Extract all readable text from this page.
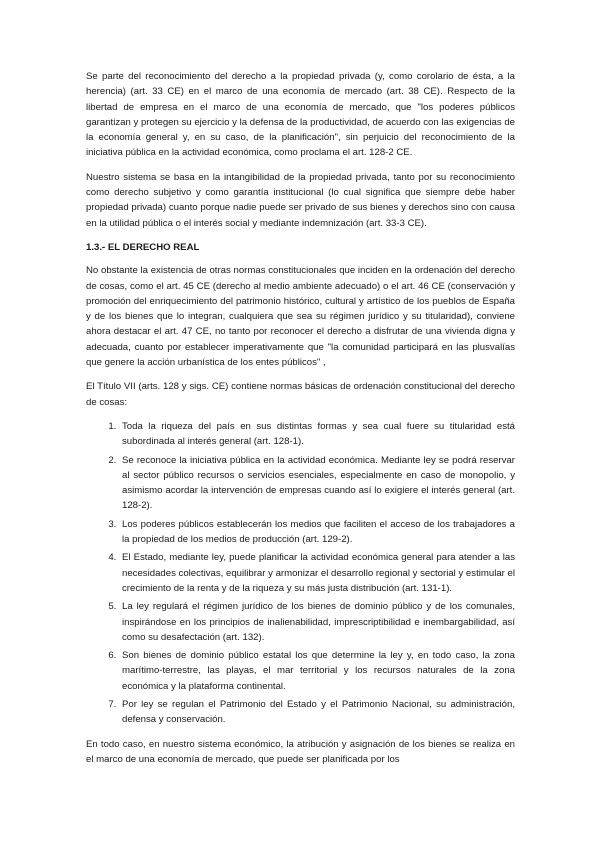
Se parte del reconocimiento del derecho a la propiedad privada (y, como corolario de ésta, a la herencia) (art. 33 CE) en el marco de una economía de mercado (art. 38 CE). Respecto de la libertad de empresa en el marco de una economía de mercado, que "los poderes públicos garantizan y protegen su ejercicio y la defensa de la productividad, de acuerdo con las exigencias de la economía general y, en su caso, de la planificación", sin perjuicio del reconocimiento de la iniciativa pública en la actividad económica, como proclama el art. 128-2 CE.

Nuestro sistema se basa en la intangibilidad de la propiedad privada, tanto por su reconocimiento como derecho subjetivo y como garantía institucional (lo cual significa que siempre debe haber propiedad privada) cuanto porque nadie puede ser privado de sus bienes y derechos sino con causa en la utilidad pública o el interés social y mediante indemnización (art. 33-3 CE).

1.3.- EL DERECHO REAL

No obstante la existencia de otras normas constitucionales que inciden en la ordenación del derecho de cosas, como el art. 45 CE (derecho al medio ambiente adecuado) o el art. 46 CE (conservación y promoción del enriquecimiento del patrimonio histórico, cultural y artístico de los pueblos de España y de los bienes que lo integran, cualquiera que sea su régimen jurídico y su titularidad), conviene ahora destacar el art. 47 CE, no tanto por reconocer el derecho a disfrutar de una vivienda digna y adecuada, cuanto por establecer imperativamente que "la comunidad participará en las plusvalías que genere la acción urbanística de los entes públicos" ,

El Título VII (arts. 128 y sigs. CE) contiene normas básicas de ordenación constitucional del derecho de cosas:

1. Toda la riqueza del país en sus distintas formas y sea cual fuere su titularidad está subordinada al interés general (art. 128-1).
2. Se reconoce la iniciativa pública en la actividad económica. Mediante ley se podrá reservar al sector público recursos o servicios esenciales, especialmente en caso de monopolio, y asimismo acordar la intervención de empresas cuando así lo exigiere el interés general (art. 128-2).
3. Los poderes públicos establecerán los medios que faciliten el acceso de los trabajadores a la propiedad de los medios de producción (art. 129-2).
4. El Estado, mediante ley, puede planificar la actividad económica general para atender a las necesidades colectivas, equilibrar y armonizar el desarrollo regional y sectorial y estimular el crecimiento de la renta y de la riqueza y su más justa distribución (art. 131-1).
5. La ley regulará el régimen jurídico de los bienes de dominio público y de los comunales, inspirándose en los principios de inalienabilidad, imprescriptibilidad e inembargabilidad, así como su desafectación (art. 132).
6. Son bienes de dominio público estatal los que determine la ley y, en todo caso, la zona marítimo-terrestre, las playas, el mar territorial y los recursos naturales de la zona económica y la plataforma continental.
7. Por ley se regulan el Patrimonio del Estado y el Patrimonio Nacional, su administración, defensa y conservación.

En todo caso, en nuestro sistema económico, la atribución y asignación de los bienes se realiza en el marco de una economía de mercado, que puede ser planificada por los
